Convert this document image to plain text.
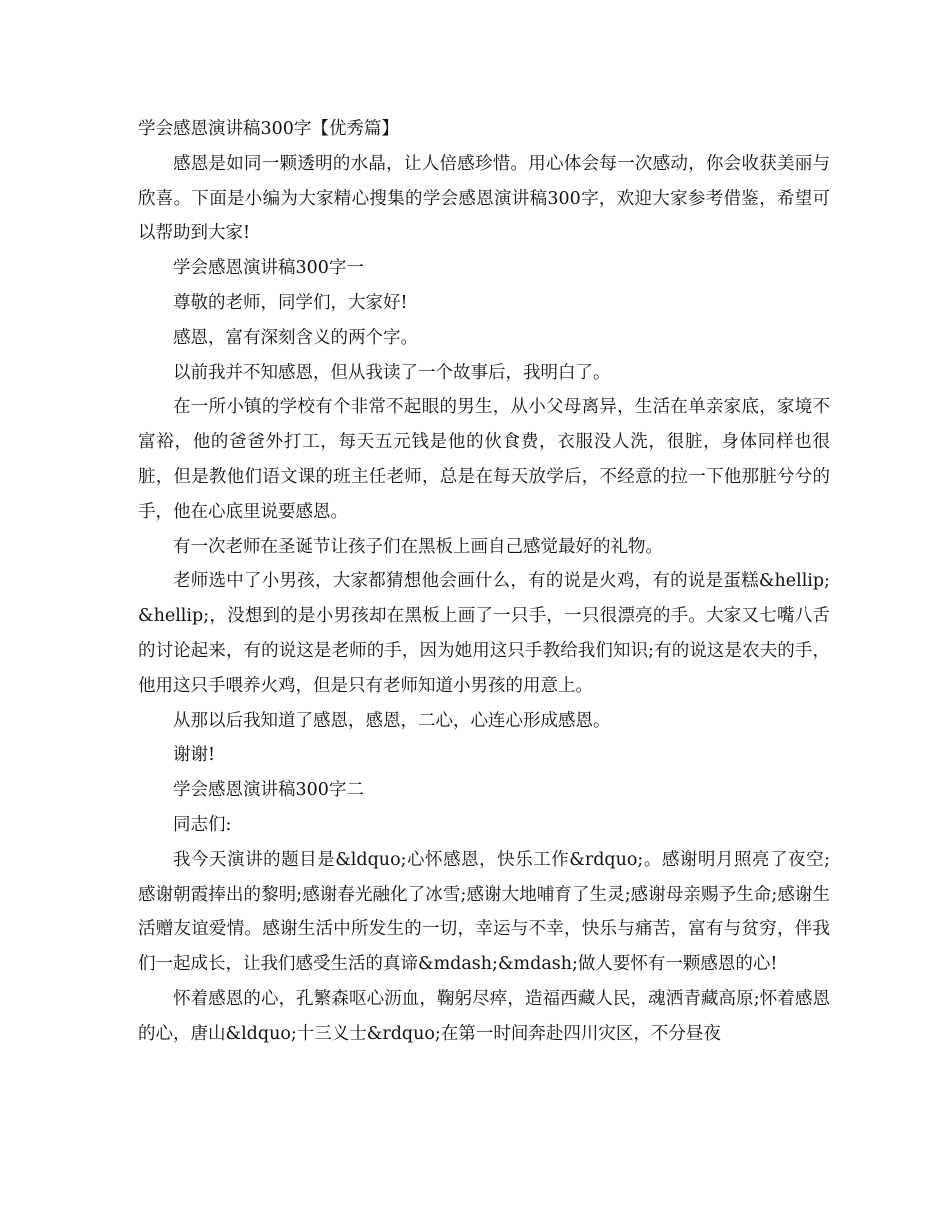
学会感恩演讲稿300字【优秀篇】

感恩是如同一颗透明的水晶，让人倍感珍惜。用心体会每一次感动，你会收获美丽与欣喜。下面是小编为大家精心搜集的学会感恩演讲稿300字，欢迎大家参考借鉴，希望可以帮助到大家!

学会感恩演讲稿300字一

尊敬的老师，同学们，大家好!

感恩，富有深刻含义的两个字。

以前我并不知感恩，但从我读了一个故事后，我明白了。

在一所小镇的学校有个非常不起眼的男生，从小父母离异，生活在单亲家底，家境不富裕，他的爸爸外打工，每天五元钱是他的伙食费，衣服没人洗，很脏，身体同样也很脏，但是教他们语文课的班主任老师，总是在每天放学后，不经意的拉一下他那脏兮兮的手，他在心底里说要感恩。

有一次老师在圣诞节让孩子们在黑板上画自己感觉最好的礼物。

老师选中了小男孩，大家都猜想他会画什么，有的说是火鸡，有的说是蛋糕&hellip;&hellip;，没想到的是小男孩却在黑板上画了一只手，一只很漂亮的手。大家又七嘴八舌的讨论起来，有的说这是老师的手，因为她用这只手教给我们知识;有的说这是农夫的手，他用这只手喂养火鸡，但是只有老师知道小男孩的用意上。

从那以后我知道了感恩，感恩，二心，心连心形成感恩。

谢谢!

学会感恩演讲稿300字二

同志们:

我今天演讲的题目是&ldquo;心怀感恩，快乐工作&rdquo;。感谢明月照亮了夜空;感谢朝霞捧出的黎明;感谢春光融化了冰雪;感谢大地哺育了生灵;感谢母亲赐予生命;感谢生活赠友谊爱情。感谢生活中所发生的一切，幸运与不幸，快乐与痛苦，富有与贫穷，伴我们一起成长，让我们感受生活的真谛&mdash;&mdash;做人要怀有一颗感恩的心!

怀着感恩的心，孔繁森呕心沥血，鞠躬尽瘁，造福西藏人民，魂洒青藏高原;怀着感恩的心，唐山&ldquo;十三义士&rdquo;在第一时间奔赴四川灾区，不分昼夜
